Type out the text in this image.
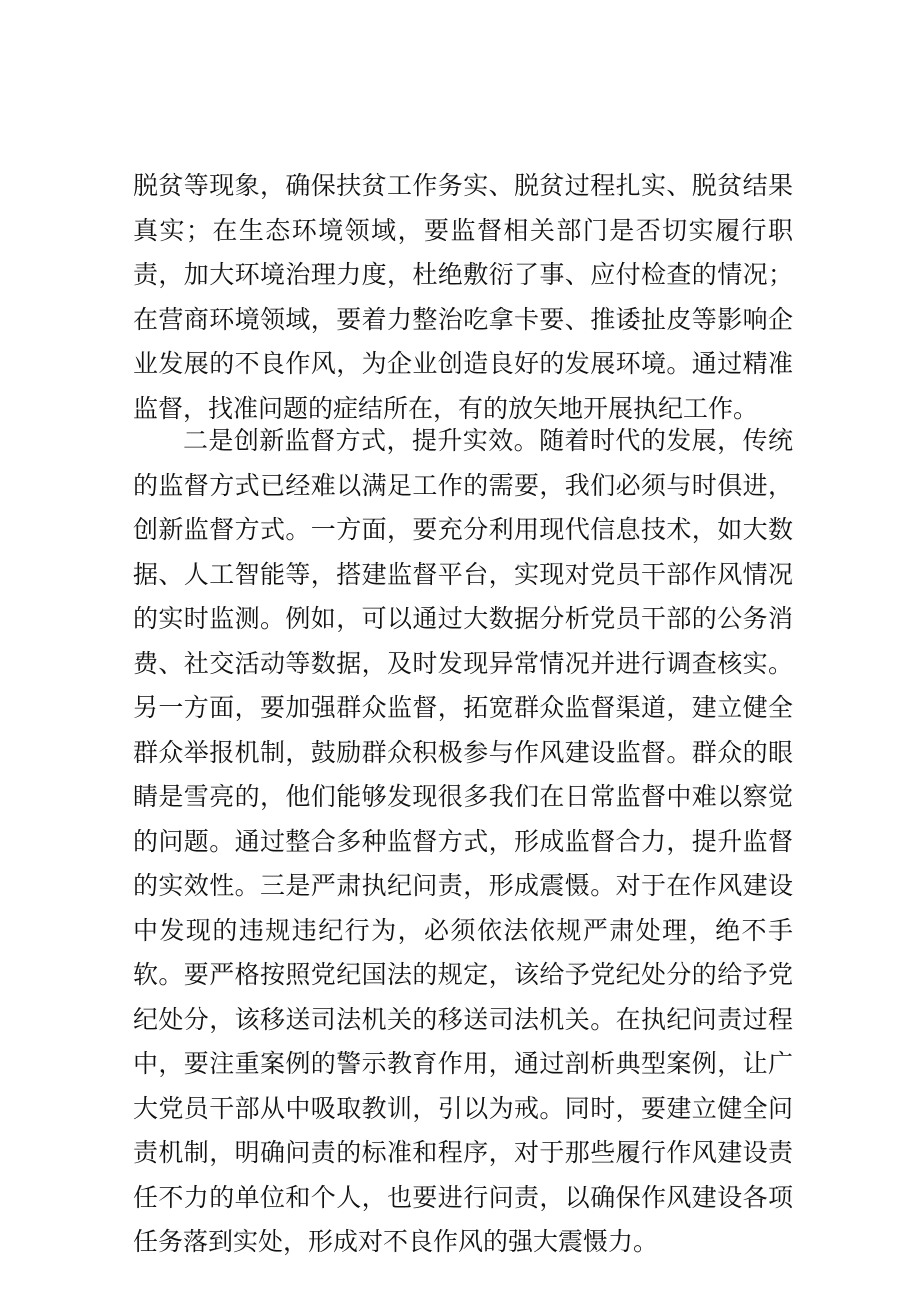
脱贫等现象，确保扶贫工作务实、脱贫过程扎实、脱贫结果真实；在生态环境领域，要监督相关部门是否切实履行职责，加大环境治理力度，杜绝敷衍了事、应付检查的情况；在营商环境领域，要着力整治吃拿卡要、推诿扯皮等影响企业发展的不良作风，为企业创造良好的发展环境。通过精准监督，找准问题的症结所在，有的放矢地开展执纪工作。

二是创新监督方式，提升实效。随着时代的发展，传统的监督方式已经难以满足工作的需要，我们必须与时俱进，创新监督方式。一方面，要充分利用现代信息技术，如大数据、人工智能等，搭建监督平台，实现对党员干部作风情况的实时监测。例如，可以通过大数据分析党员干部的公务消费、社交活动等数据，及时发现异常情况并进行调查核实。另一方面，要加强群众监督，拓宽群众监督渠道，建立健全群众举报机制，鼓励群众积极参与作风建设监督。群众的眼睛是雪亮的，他们能够发现很多我们在日常监督中难以察觉的问题。通过整合多种监督方式，形成监督合力，提升监督的实效性。三是严肃执纪问责，形成震慑。对于在作风建设中发现的违规违纪行为，必须依法依规严肃处理，绝不手软。要严格按照党纪国法的规定，该给予党纪处分的给予党纪处分，该移送司法机关的移送司法机关。在执纪问责过程中，要注重案例的警示教育作用，通过剖析典型案例，让广大党员干部从中吸取教训，引以为戒。同时，要建立健全问责机制，明确问责的标准和程序，对于那些履行作风建设责任不力的单位和个人，也要进行问责，以确保作风建设各项任务落到实处，形成对不良作风的强大震慑力。
